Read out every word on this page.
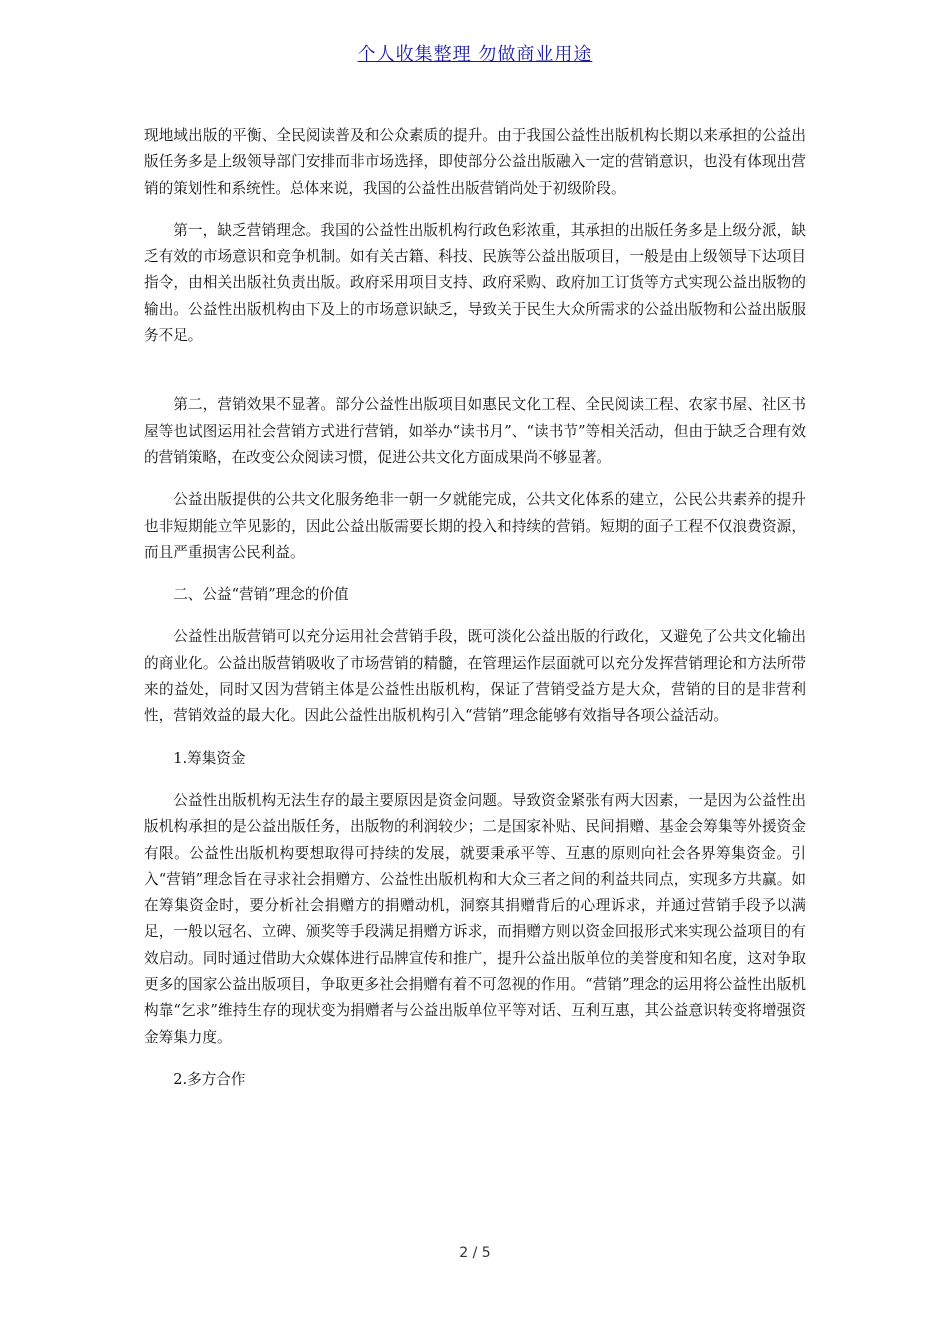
个人收集整理 勿做商业用途

现地域出版的平衡、全民阅读普及和公众素质的提升。由于我国公益性出版机构长期以来承担的公益出版任务多是上级领导部门安排而非市场选择，即使部分公益出版融入一定的营销意识，也没有体现出营销的策划性和系统性。总体来说，我国的公益性出版营销尚处于初级阶段。

第一，缺乏营销理念。我国的公益性出版机构行政色彩浓重，其承担的出版任务多是上级分派，缺乏有效的市场意识和竞争机制。如有关古籍、科技、民族等公益出版项目，一般是由上级领导下达项目指令，由相关出版社负责出版。政府采用项目支持、政府采购、政府加工订货等方式实现公益出版物的输出。公益性出版机构由下及上的市场意识缺乏，导致关于民生大众所需求的公益出版物和公益出版服务不足。

第二，营销效果不显著。部分公益性出版项目如惠民文化工程、全民阅读工程、农家书屋、社区书屋等也试图运用社会营销方式进行营销，如举办“读书月”、“读书节”等相关活动，但由于缺乏合理有效的营销策略，在改变公众阅读习惯，促进公共文化方面成果尚不够显著。

公益出版提供的公共文化服务绝非一朝一夕就能完成，公共文化体系的建立，公民公共素养的提升也非短期能立竿见影的，因此公益出版需要长期的投入和持续的营销。短期的面子工程不仅浪费资源，而且严重损害公民利益。

二、公益“营销”理念的价值

公益性出版营销可以充分运用社会营销手段，既可淡化公益出版的行政化，又避免了公共文化输出的商业化。公益出版营销吸收了市场营销的精髓，在管理运作层面就可以充分发挥营销理论和方法所带来的益处，同时又因为营销主体是公益性出版机构，保证了营销受益方是大众，营销的目的是非营利性，营销效益的最大化。因此公益性出版机构引入“营销”理念能够有效指导各项公益活动。

1.筹集资金

公益性出版机构无法生存的最主要原因是资金问题。导致资金紧张有两大因素，一是因为公益性出版机构承担的是公益出版任务，出版物的利润较少；二是国家补贴、民间捐赠、基金会筹集等外援资金有限。公益性出版机构要想取得可持续的发展，就要秉承平等、互惠的原则向社会各界筹集资金。引入“营销”理念旨在寻求社会捐赠方、公益性出版机构和大众三者之间的利益共同点，实现多方共赢。如在筹集资金时，要分析社会捐赠方的捐赠动机，洞察其捐赠背后的心理诉求，并通过营销手段予以满足，一般以冠名、立碑、颁奖等手段满足捐赠方诉求，而捐赠方则以资金回报形式来实现公益项目的有效启动。同时通过借助大众媒体进行品牌宣传和推广，提升公益出版单位的美誉度和知名度，这对争取更多的国家公益出版项目，争取更多社会捐赠有着不可忽视的作用。“营销”理念的运用将公益性出版机构靠“乞求”维持生存的现状变为捐赠者与公益出版单位平等对话、互利互惠，其公益意识转变将增强资金筹集力度。

2.多方合作

2 / 5
